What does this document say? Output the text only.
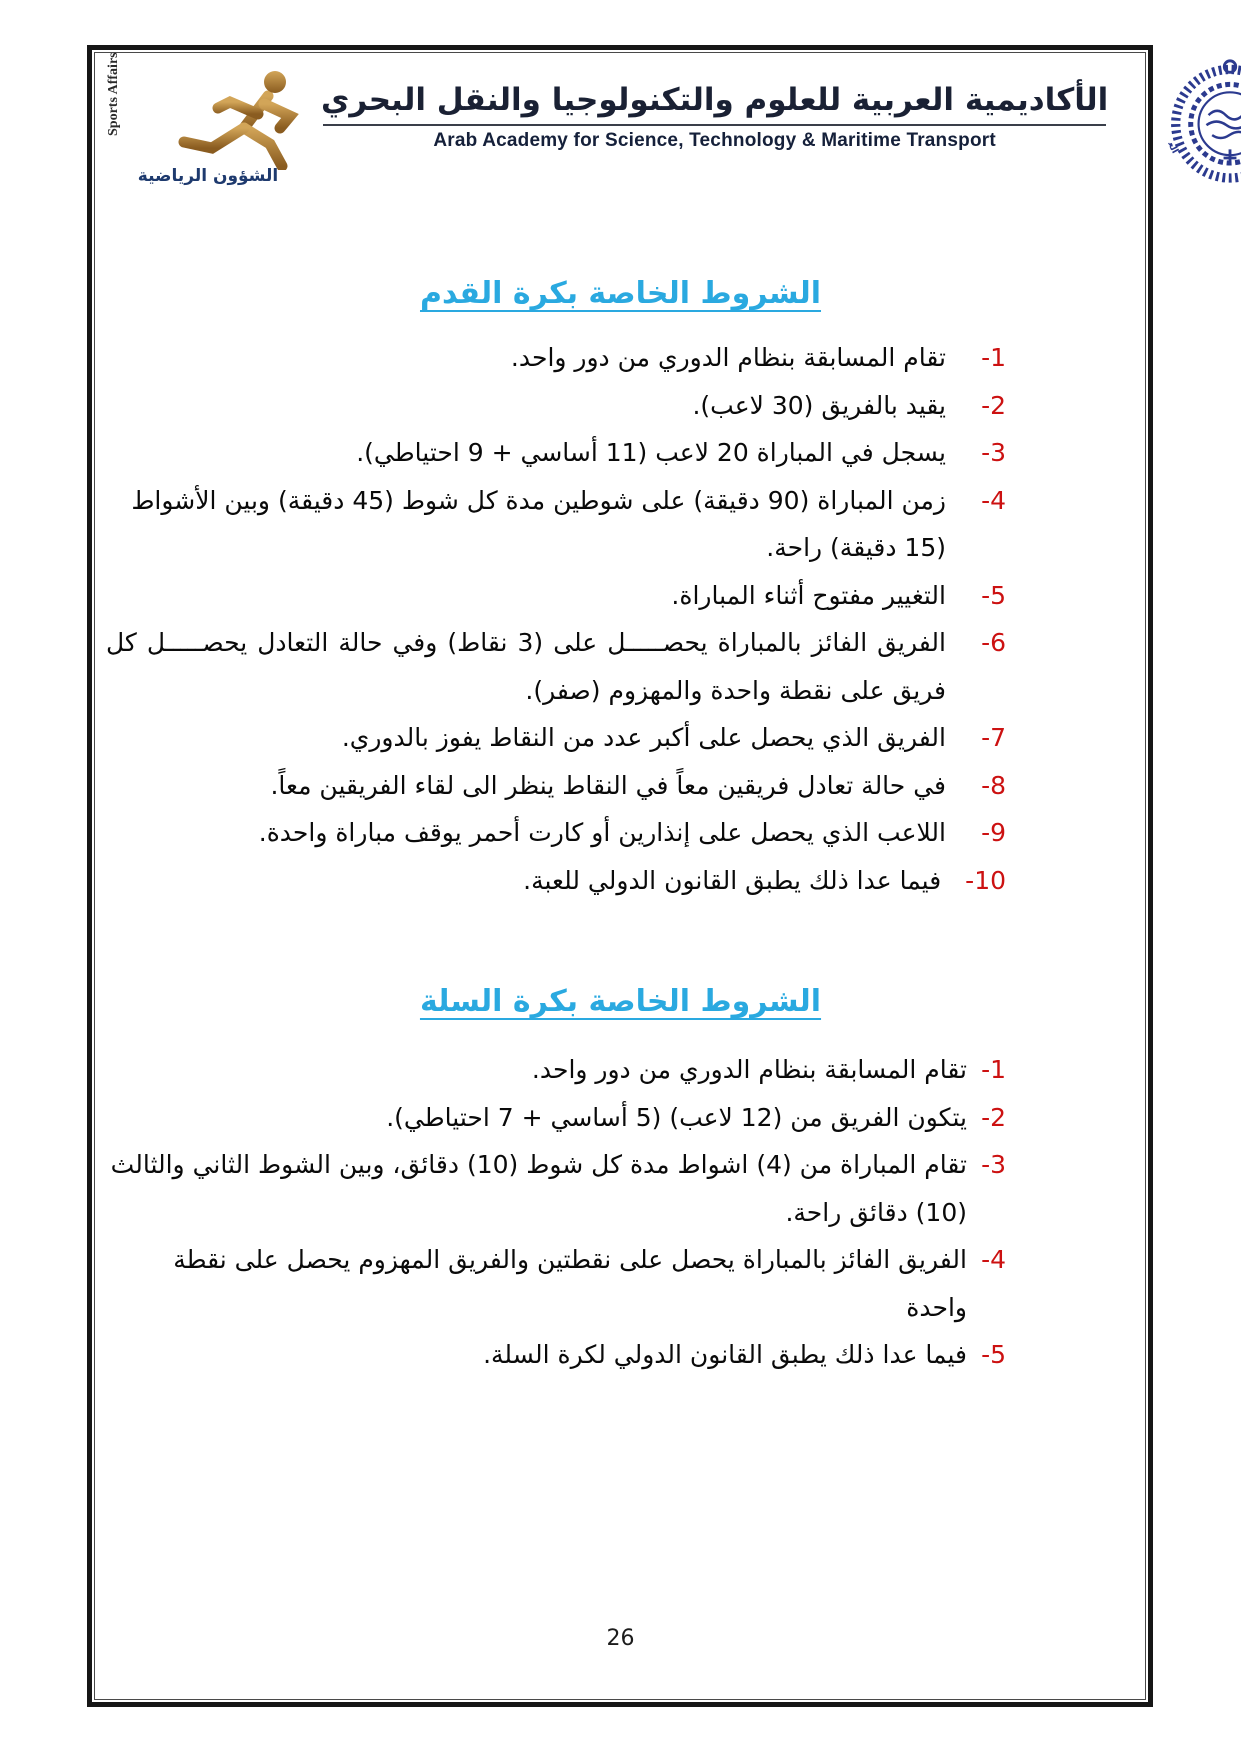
Sports Affairs
الشؤون الرياضية
الأكاديمية العربية للعلوم والتكنولوجيا والنقل البحري
Arab Academy for Science, Technology & Maritime Transport
العربية للعلوم والتكنولوجيا والنقل البحري
الشروط الخاصة بكرة القدم
1-
تقام المسابقة بنظام الدوري من دور واحد.
2-
يقيد بالفريق (30 لاعب).
3-
يسجل في المباراة 20 لاعب (11 أساسي + 9 احتياطي).
4-
زمن المباراة (90 دقيقة) على شوطين مدة كل شوط (45 دقيقة) وبين الأشواط (15 دقيقة) راحة.
5-
التغيير مفتوح أثناء المباراة.
6-
الفريق الفائز بالمباراة يحصـــــل على (3 نقاط) وفي حالة التعادل يحصـــــل كل فريق على نقطة واحدة والمهزوم (صفر).
7-
الفريق الذي يحصل على أكبر عدد من النقاط يفوز بالدوري.
8-
في حالة تعادل فريقين معاً في النقاط ينظر الى لقاء الفريقين معاً.
9-
اللاعب الذي يحصل على إنذارين أو كارت أحمر يوقف مباراة واحدة.
10-
فيما عدا ذلك يطبق القانون الدولي للعبة.
الشروط الخاصة بكرة السلة
1-
تقام المسابقة بنظام الدوري من دور واحد.
2-
يتكون الفريق من (12 لاعب) (5 أساسي + 7 احتياطي).
3-
تقام المباراة من (4) اشواط مدة كل شوط (10) دقائق، وبين الشوط الثاني والثالث (10) دقائق راحة.
4-
الفريق الفائز بالمباراة يحصل على نقطتين والفريق المهزوم يحصل على نقطة واحدة
5-
فيما عدا ذلك يطبق القانون الدولي لكرة السلة.
26
